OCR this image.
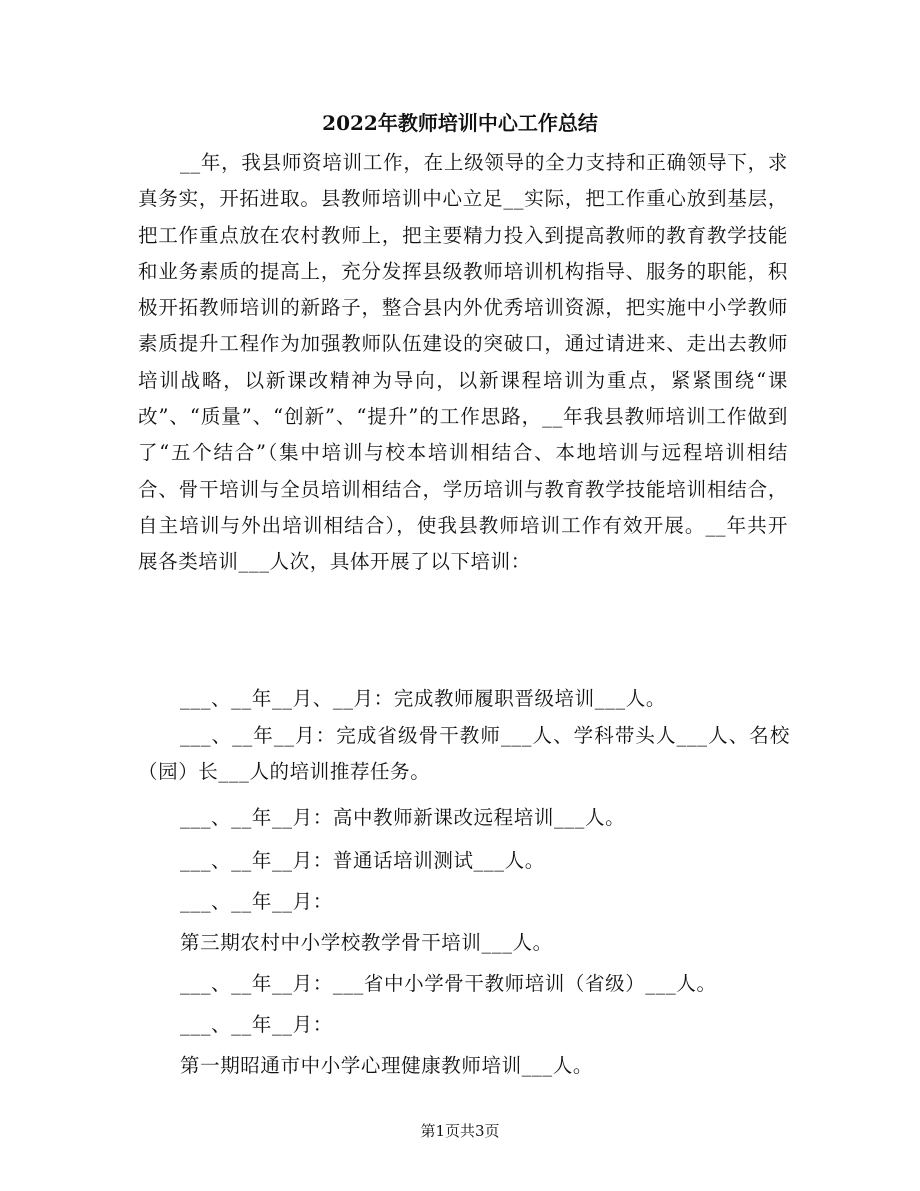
2022年教师培训中心工作总结

__年，我县师资培训工作，在上级领导的全力支持和正确领导下，求真务实，开拓进取。县教师培训中心立足__实际，把工作重心放到基层，把工作重点放在农村教师上，把主要精力投入到提高教师的教育教学技能和业务素质的提高上，充分发挥县级教师培训机构指导、服务的职能，积极开拓教师培训的新路子，整合县内外优秀培训资源，把实施中小学教师素质提升工程作为加强教师队伍建设的突破口，通过请进来、走出去教师培训战略，以新课改精神为导向，以新课程培训为重点，紧紧围绕“课改”、“质量”、“创新”、“提升”的工作思路，__年我县教师培训工作做到了“五个结合”（集中培训与校本培训相结合、本地培训与远程培训相结合、骨干培训与全员培训相结合，学历培训与教育教学技能培训相结合，自主培训与外出培训相结合），使我县教师培训工作有效开展。__年共开展各类培训___人次，具体开展了以下培训：

___、__年__月、__月：完成教师履职晋级培训___人。

___、__年__月：完成省级骨干教师___人、学科带头人___人、名校（园）长___人的培训推荐任务。

___、__年__月：高中教师新课改远程培训___人。

___、__年__月：普通话培训测试___人。

___、__年__月：

第三期农村中小学校教学骨干培训___人。

___、__年__月：___省中小学骨干教师培训（省级）___人。

___、__年__月：

第一期昭通市中小学心理健康教师培训___人。

第1页共3页
